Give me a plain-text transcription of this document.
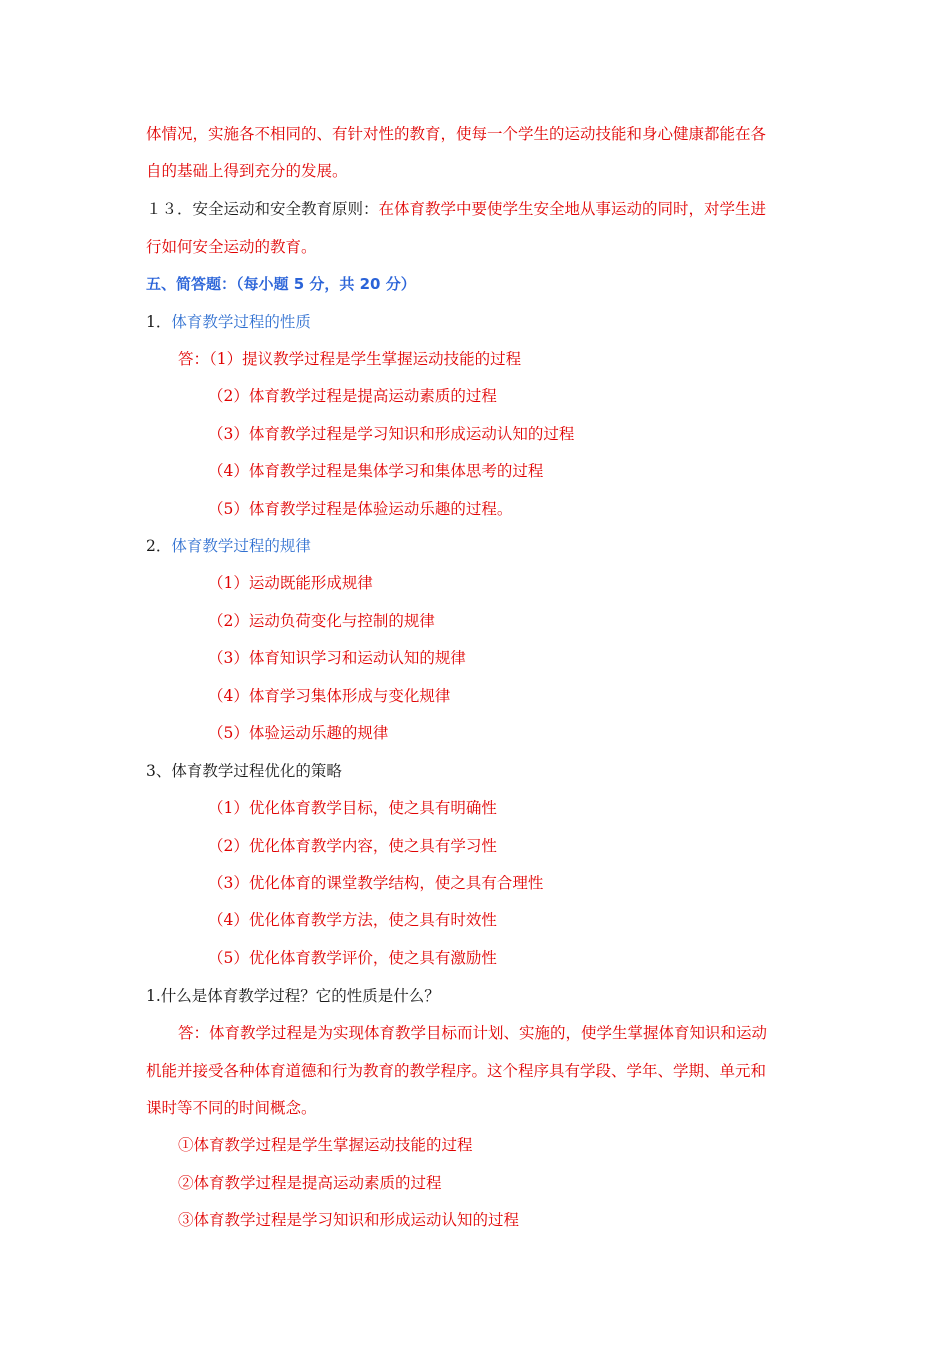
体情况，实施各不相同的、有针对性的教育，使每一个学生的运动技能和身心健康都能在各
自的基础上得到充分的发展。
１３．安全运动和安全教育原则：在体育教学中要使学生安全地从事运动的同时，对学生进
行如何安全运动的教育。
五、简答题：（每小题 5 分，共 20 分）
1．体育教学过程的性质
答：（1）提议教学过程是学生掌握运动技能的过程
（2）体育教学过程是提高运动素质的过程
（3）体育教学过程是学习知识和形成运动认知的过程
（4）体育教学过程是集体学习和集体思考的过程
（5）体育教学过程是体验运动乐趣的过程。
2．体育教学过程的规律
（1）运动既能形成规律
（2）运动负荷变化与控制的规律
（3）体育知识学习和运动认知的规律
（4）体育学习集体形成与变化规律
（5）体验运动乐趣的规律
3、体育教学过程优化的策略
（1）优化体育教学目标，使之具有明确性
（2）优化体育教学内容，使之具有学习性
（3）优化体育的课堂教学结构，使之具有合理性
（4）优化体育教学方法，使之具有时效性
（5）优化体育教学评价，使之具有激励性
1.什么是体育教学过程？它的性质是什么？
答：体育教学过程是为实现体育教学目标而计划、实施的，使学生掌握体育知识和运动
机能并接受各种体育道德和行为教育的教学程序。这个程序具有学段、学年、学期、单元和
课时等不同的时间概念。
①体育教学过程是学生掌握运动技能的过程
②体育教学过程是提高运动素质的过程
③体育教学过程是学习知识和形成运动认知的过程
